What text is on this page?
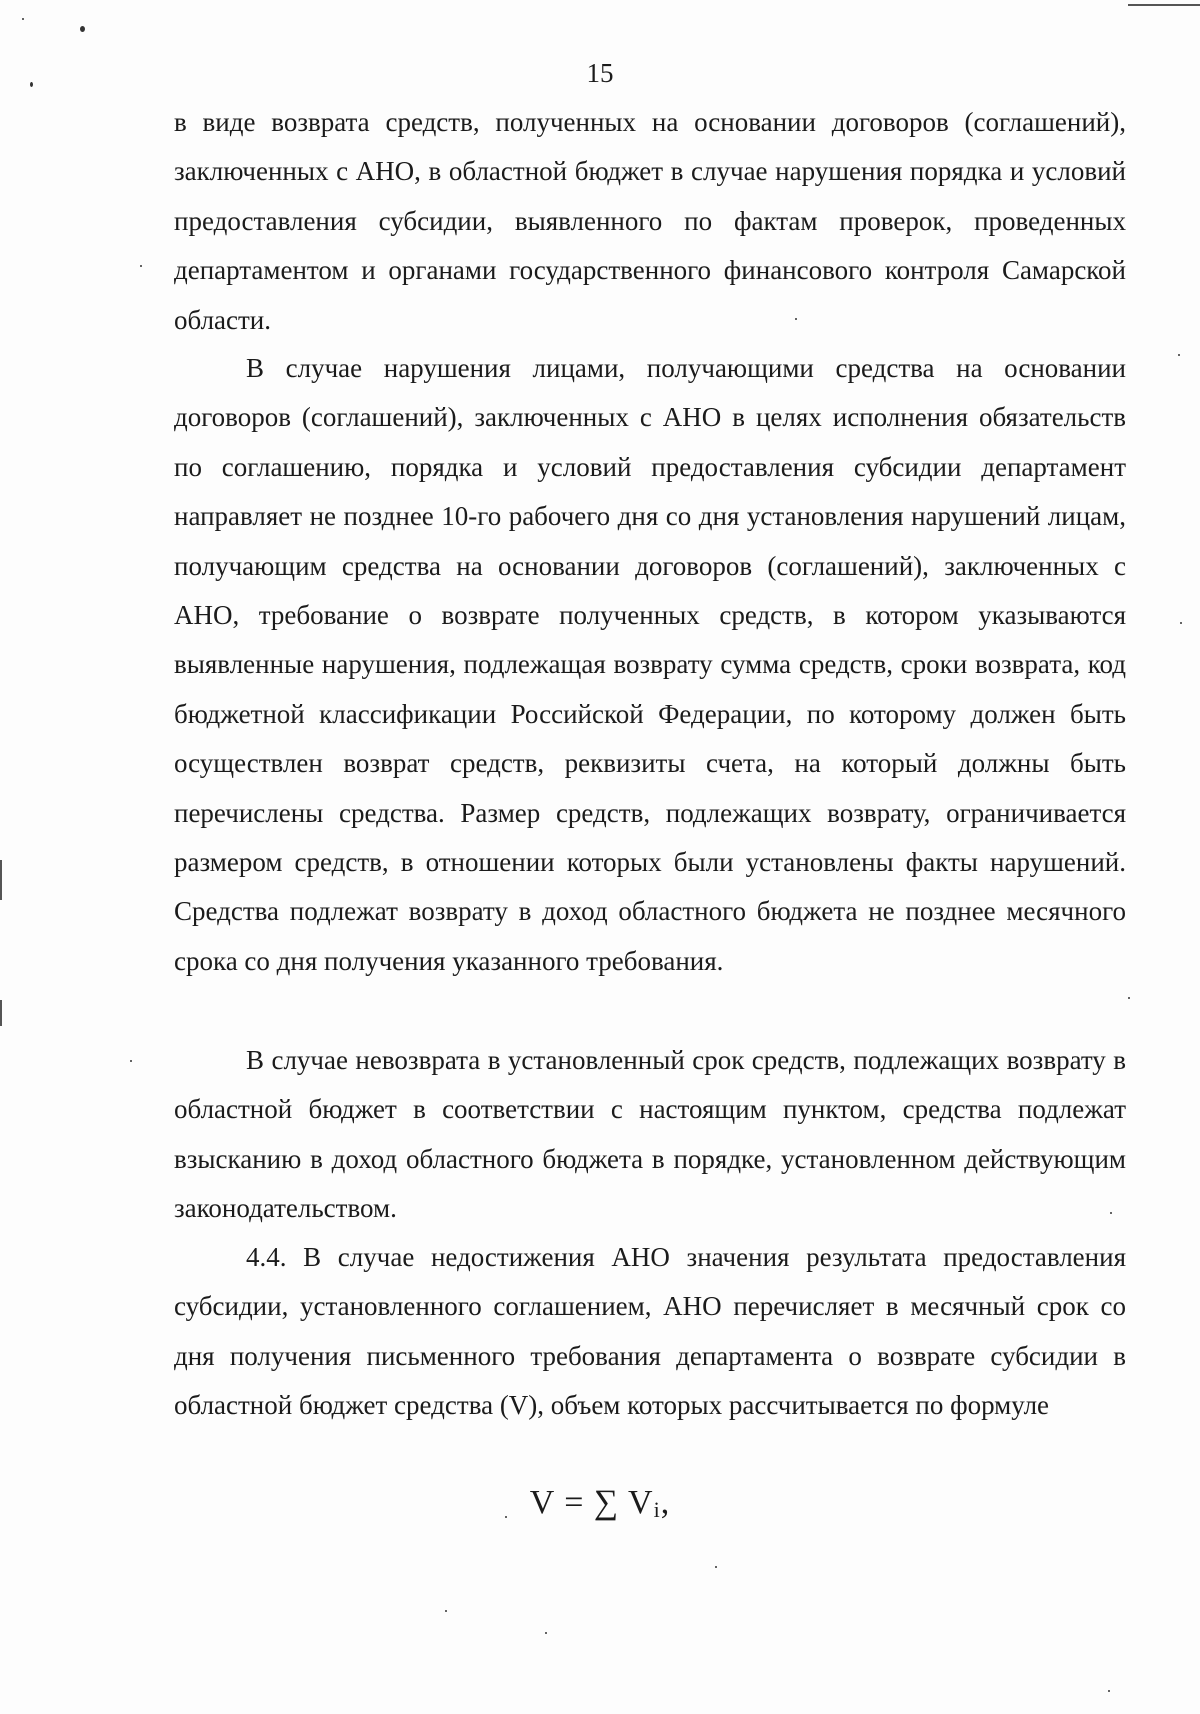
15

в виде возврата средств, полученных на основании договоров (соглашений), заключенных с АНО, в областной бюджет в случае нарушения порядка и условий предоставления субсидии, выявленного по фактам проверок, проведенных департаментом и органами государственного финансового контроля Самарской области.

В случае нарушения лицами, получающими средства на основании договоров (соглашений), заключенных с АНО в целях исполнения обязательств по соглашению, порядка и условий предоставления субсидии департамент направляет не позднее 10-го рабочего дня со дня установления нарушений лицам, получающим средства на основании договоров (соглашений), заключенных с АНО, требование о возврате полученных средств, в котором указываются выявленные нарушения, подлежащая возврату сумма средств, сроки возврата, код бюджетной классификации Российской Федерации, по которому должен быть осуществлен возврат средств, реквизиты счета, на который должны быть перечислены средства. Размер средств, подлежащих возврату, ограничивается размером средств, в отношении которых были установлены факты нарушений. Средства подлежат возврату в доход областного бюджета не позднее месячного срока со дня получения указанного требования.

В случае невозврата в установленный срок средств, подлежащих возврату в областной бюджет в соответствии с настоящим пунктом, средства подлежат взысканию в доход областного бюджета в порядке, установленном действующим законодательством.

4.4. В случае недостижения АНО значения результата предоставления субсидии, установленного соглашением, АНО перечисляет в месячный срок со дня получения письменного требования департамента о возврате субсидии в областной бюджет средства (V), объем которых рассчитывается по формуле

V = ∑ Vi,
